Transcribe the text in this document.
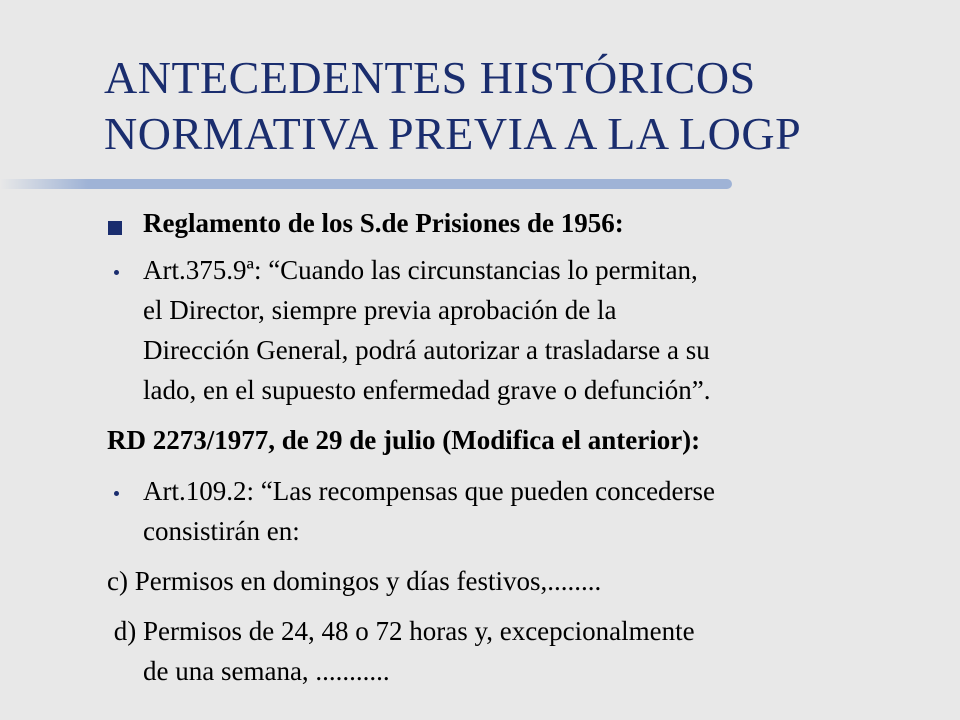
ANTECEDENTES HISTÓRICOS
NORMATIVA PREVIA A LA LOGP
Reglamento de los S.de Prisiones de 1956:
Art.375.9ª: “Cuando las circunstancias lo permitan,
el Director, siempre previa aprobación de la
Dirección General, podrá autorizar a trasladarse a su
lado, en el supuesto enfermedad grave o defunción”.
RD 2273/1977, de 29 de julio (Modifica el anterior):
Art.109.2: “Las recompensas que pueden concederse
consistirán en:
c) Permisos en domingos y días festivos,........
d) Permisos de 24, 48 o 72 horas y, excepcionalmente
de una semana, ...........
